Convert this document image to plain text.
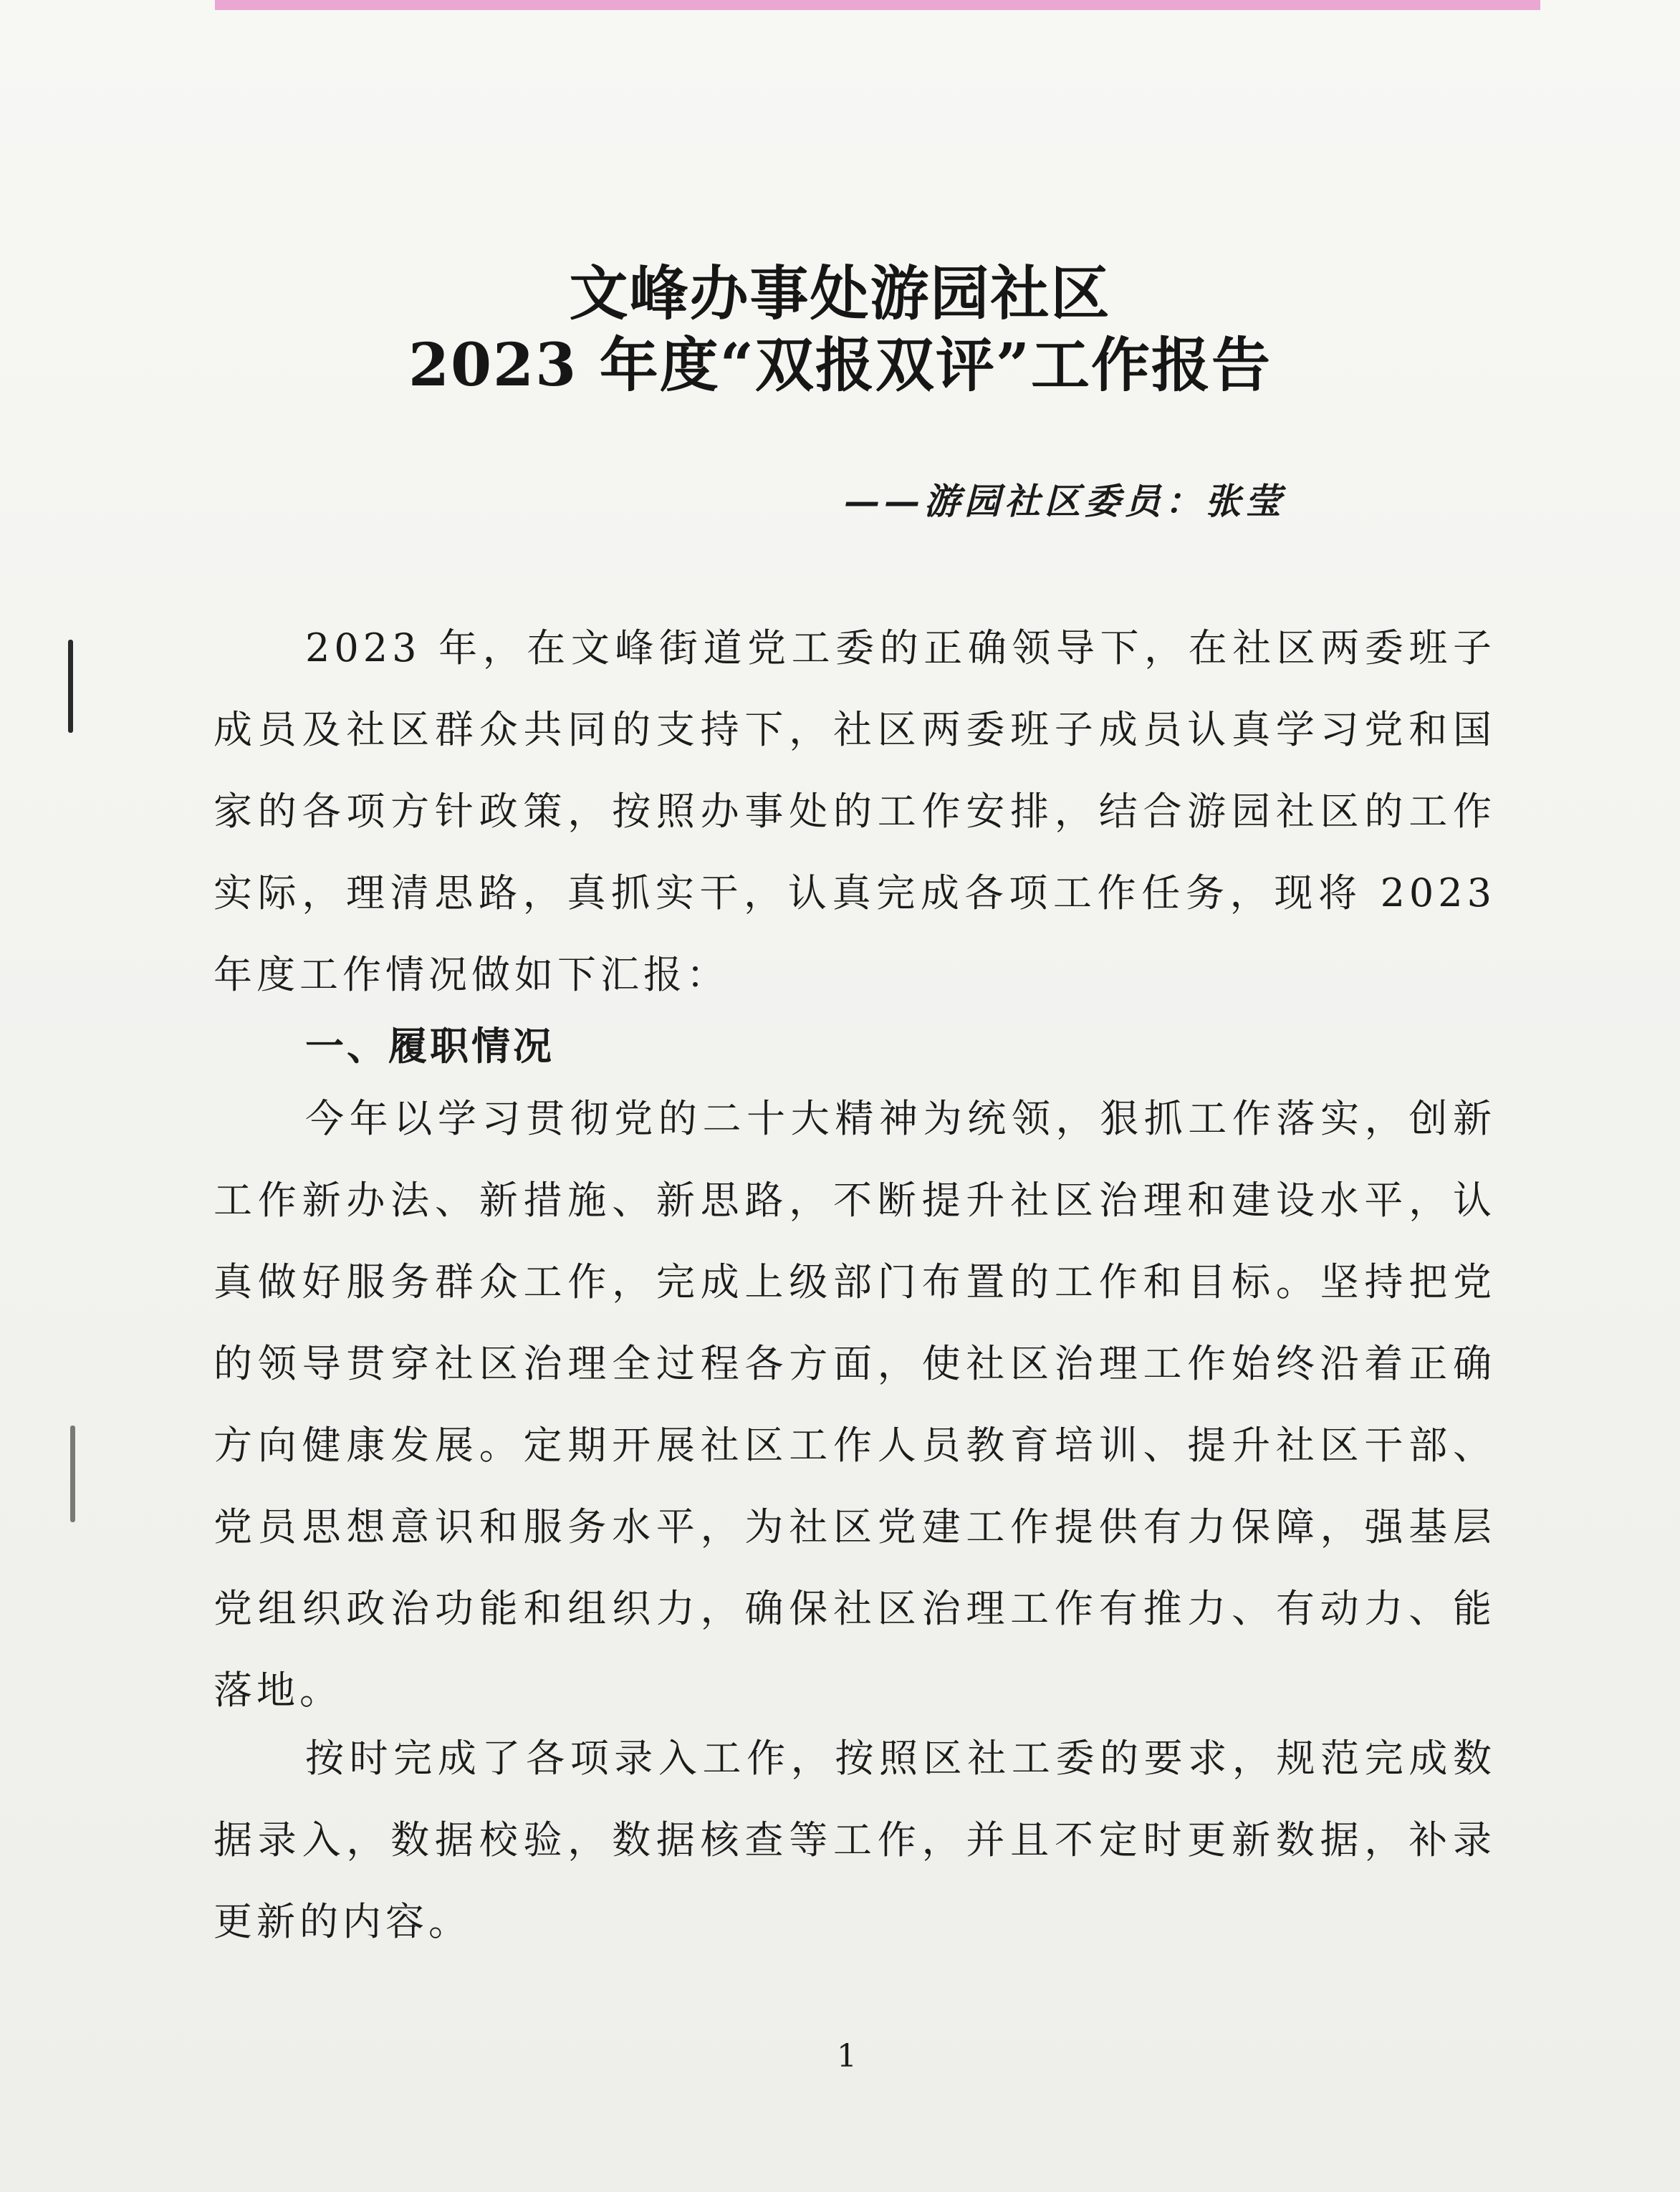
文峰办事处游园社区
2023 年度“双报双评”工作报告
——游园社区委员：张莹

2023 年，在文峰街道党工委的正确领导下，在社区两委班子成员及社区群众共同的支持下，社区两委班子成员认真学习党和国家的各项方针政策，按照办事处的工作安排，结合游园社区的工作实际，理清思路，真抓实干，认真完成各项工作任务，现将 2023 年度工作情况做如下汇报：

一、履职情况

今年以学习贯彻党的二十大精神为统领，狠抓工作落实，创新工作新办法、新措施、新思路，不断提升社区治理和建设水平，认真做好服务群众工作，完成上级部门布置的工作和目标。坚持把党的领导贯穿社区治理全过程各方面，使社区治理工作始终沿着正确方向健康发展。定期开展社区工作人员教育培训、提升社区干部、党员思想意识和服务水平，为社区党建工作提供有力保障，强基层党组织政治功能和组织力，确保社区治理工作有推力、有动力、能落地。

按时完成了各项录入工作，按照区社工委的要求，规范完成数据录入，数据校验，数据核查等工作，并且不定时更新数据，补录更新的内容。

1
